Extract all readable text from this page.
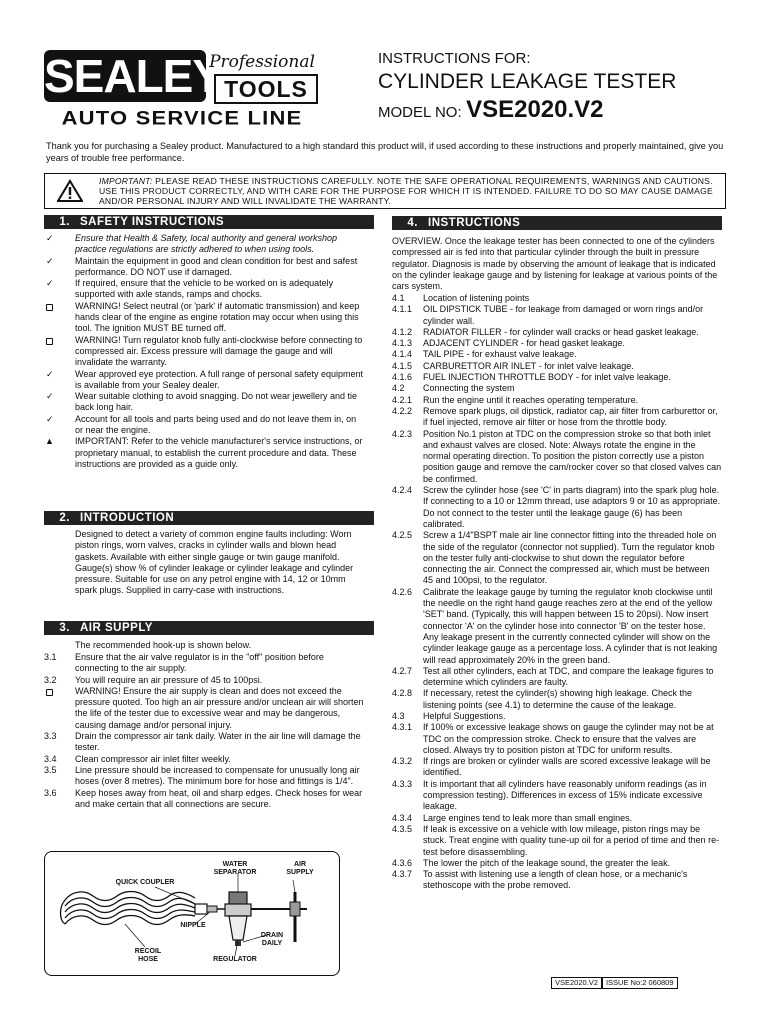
SEALEY
Professional
TOOLS
AUTO SERVICE LINE
INSTRUCTIONS FOR:
CYLINDER LEAKAGE TESTER
MODEL NO: VSE2020.V2
Thank you for purchasing a Sealey product. Manufactured to a high standard this product will, if used according to these instructions and properly maintained, give you years of trouble free performance.
IMPORTANT: PLEASE READ THESE INSTRUCTIONS CAREFULLY. NOTE THE SAFE OPERATIONAL REQUIREMENTS, WARNINGS AND CAUTIONS. USE THIS PRODUCT CORRECTLY, AND WITH CARE FOR THE PURPOSE FOR WHICH IT IS INTENDED. FAILURE TO DO SO MAY CAUSE DAMAGE AND/OR PERSONAL INJURY AND WILL INVALIDATE THE WARRANTY.
1. SAFETY INSTRUCTIONS
✓	Ensure that Health & Safety, local authority and general workshop practice regulations are strictly adhered to when using tools.
✓	Maintain the equipment in good and clean condition for best and safest performance. DO NOT use if damaged.
✓	If required, ensure that the vehicle to be worked on is adequately supported with axle stands, ramps and chocks.
WARNING! Select neutral (or 'park' if automatic transmission) and keep hands clear of the engine as engine rotation may occur when using this tool. The ignition MUST BE turned off.
WARNING! Turn regulator knob fully anti-clockwise before connecting to compressed air. Excess pressure will damage the gauge and will invalidate the warranty.
✓	Wear approved eye protection. A full range of personal safety equipment is available from your Sealey dealer.
✓	Wear suitable clothing to avoid snagging. Do not wear jewellery and tie back long hair.
✓	Account for all tools and parts being used and do not leave them in, on or near the engine.
▲ IMPORTANT: Refer to the vehicle manufacturer's service instructions, or proprietary manual, to establish the current procedure and data. These instructions are provided as a guide only.
2. INTRODUCTION
Designed to detect a variety of common engine faults including: Worn piston rings, worn valves, cracks in cylinder walls and blown head gaskets. Available with either single gauge or twin gauge manifold. Gauge(s) show % of cylinder leakage or cylinder leakage and cylinder pressure. Suitable for use on any petrol engine with 14, 12 or 10mm spark plugs. Supplied in carry-case with instructions.
3. AIR SUPPLY
The recommended hook-up is shown below.
3.1 Ensure that the air valve regulator is in the "off" position before connecting to the air supply.
3.2 You will require an air pressure of 45 to 100psi.
WARNING! Ensure the air supply is clean and does not exceed the pressure quoted. Too high an air pressure and/or unclean air will shorten the life of the tester due to excessive wear and may be dangerous, causing damage and/or personal injury.
3.3 Drain the compressor air tank daily. Water in the air line will damage the tester.
3.4 Clean compressor air inlet filter weekly.
3.5 Line pressure should be increased to compensate for unusually long air hoses (over 8 metres). The minimum bore for hose and fittings is 1/4".
3.6 Keep hoses away from heat, oil and sharp edges. Check hoses for wear and make certain that all connections are secure.
QUICK COUPLER
WATER SEPARATOR
AIR SUPPLY
NIPPLE
DRAIN DAILY
RECOIL HOSE	REGULATOR
4. INSTRUCTIONS
OVERVIEW. Once the leakage tester has been connected to one of the cylinders compressed air is fed into that particular cylinder through the built in pressure regulator. Diagnosis is made by observing the amount of leakage that is indicated on the cylinder leakage gauge and by listening for leakage at various points of the cars system.
4.1 Location of listening points
4.1.1 OIL DIPSTICK TUBE - for leakage from damaged or worn rings and/or cylinder wall.
4.1.2 RADIATOR FILLER - for cylinder wall cracks or head gasket leakage.
4.1.3 ADJACENT CYLINDER - for head gasket leakage.
4.1.4 TAIL PIPE - for exhaust valve leakage.
4.1.5 CARBURETTOR AIR INLET - for inlet valve leakage.
4.1.6 FUEL INJECTION THROTTLE BODY - for inlet valve leakage.
4.2 Connecting the system
4.2.1 Run the engine until it reaches operating temperature.
4.2.2 Remove spark plugs, oil dipstick, radiator cap, air filter from carburettor or, if fuel injected, remove air filter or hose from the throttle body.
4.2.3 Position No.1 piston at TDC on the compression stroke so that both inlet and exhaust valves are closed. Note: Always rotate the engine in the normal operating direction. To position the piston correctly use a piston position gauge and remove the cam/rocker cover so that closed valves can be confirmed.
4.2.4 Screw the cylinder hose (see 'C' in parts diagram) into the spark plug hole. If connecting to a 10 or 12mm thread, use adaptors 9 or 10 as appropriate. Do not connect to the tester until the leakage gauge (6) has been calibrated.
4.2.5 Screw a 1/4"BSPT male air line connector fitting into the threaded hole on the side of the regulator (connector not supplied). Turn the regulator knob on the tester fully anti-clockwise to shut down the regulator before connecting the air. Connect the compressed air, which must be between 45 and 100psi, to the regulator.
4.2.6 Calibrate the leakage gauge by turning the regulator knob clockwise until the needle on the right hand gauge reaches zero at the end of the yellow 'SET' band. (Typically, this will happen between 15 to 20psi). Now insert connector 'A' on the cylinder hose into connector 'B' on the tester hose. Any leakage present in the currently connected cylinder will show on the cylinder leakage gauge as a percentage loss. A cylinder that is not leaking will read approximately 20% in the green band.
4.2.7 Test all other cylinders, each at TDC, and compare the leakage figures to determine which cylinders are faulty.
4.2.8 If necessary, retest the cylinder(s) showing high leakage. Check the listening points (see 4.1) to determine the cause of the leakage.
4.3 Helpful Suggestions.
4.3.1 If 100% or excessive leakage shows on gauge the cylinder may not be at TDC on the compression stroke. Check to ensure that the valves are closed. Always try to position piston at TDC for uniform results.
4.3.2 If rings are broken or cylinder walls are scored excessive leakage will be identified.
4.3.3 It is important that all cylinders have reasonably uniform readings (as in compression testing). Differences in excess of 15% indicate excessive leakage.
4.3.4 Large engines tend to leak more than small engines.
4.3.5 If leak is excessive on a vehicle with low mileage, piston rings may be stuck. Treat engine with quality tune-up oil for a period of time and then re-test before disassembling.
4.3.6 The lower the pitch of the leakage sound, the greater the leak.
4.3.7 To assist with listening use a length of clean hose, or a mechanic's stethoscope with the probe removed.
VSE2020.V2 ISSUE No:2 060809
